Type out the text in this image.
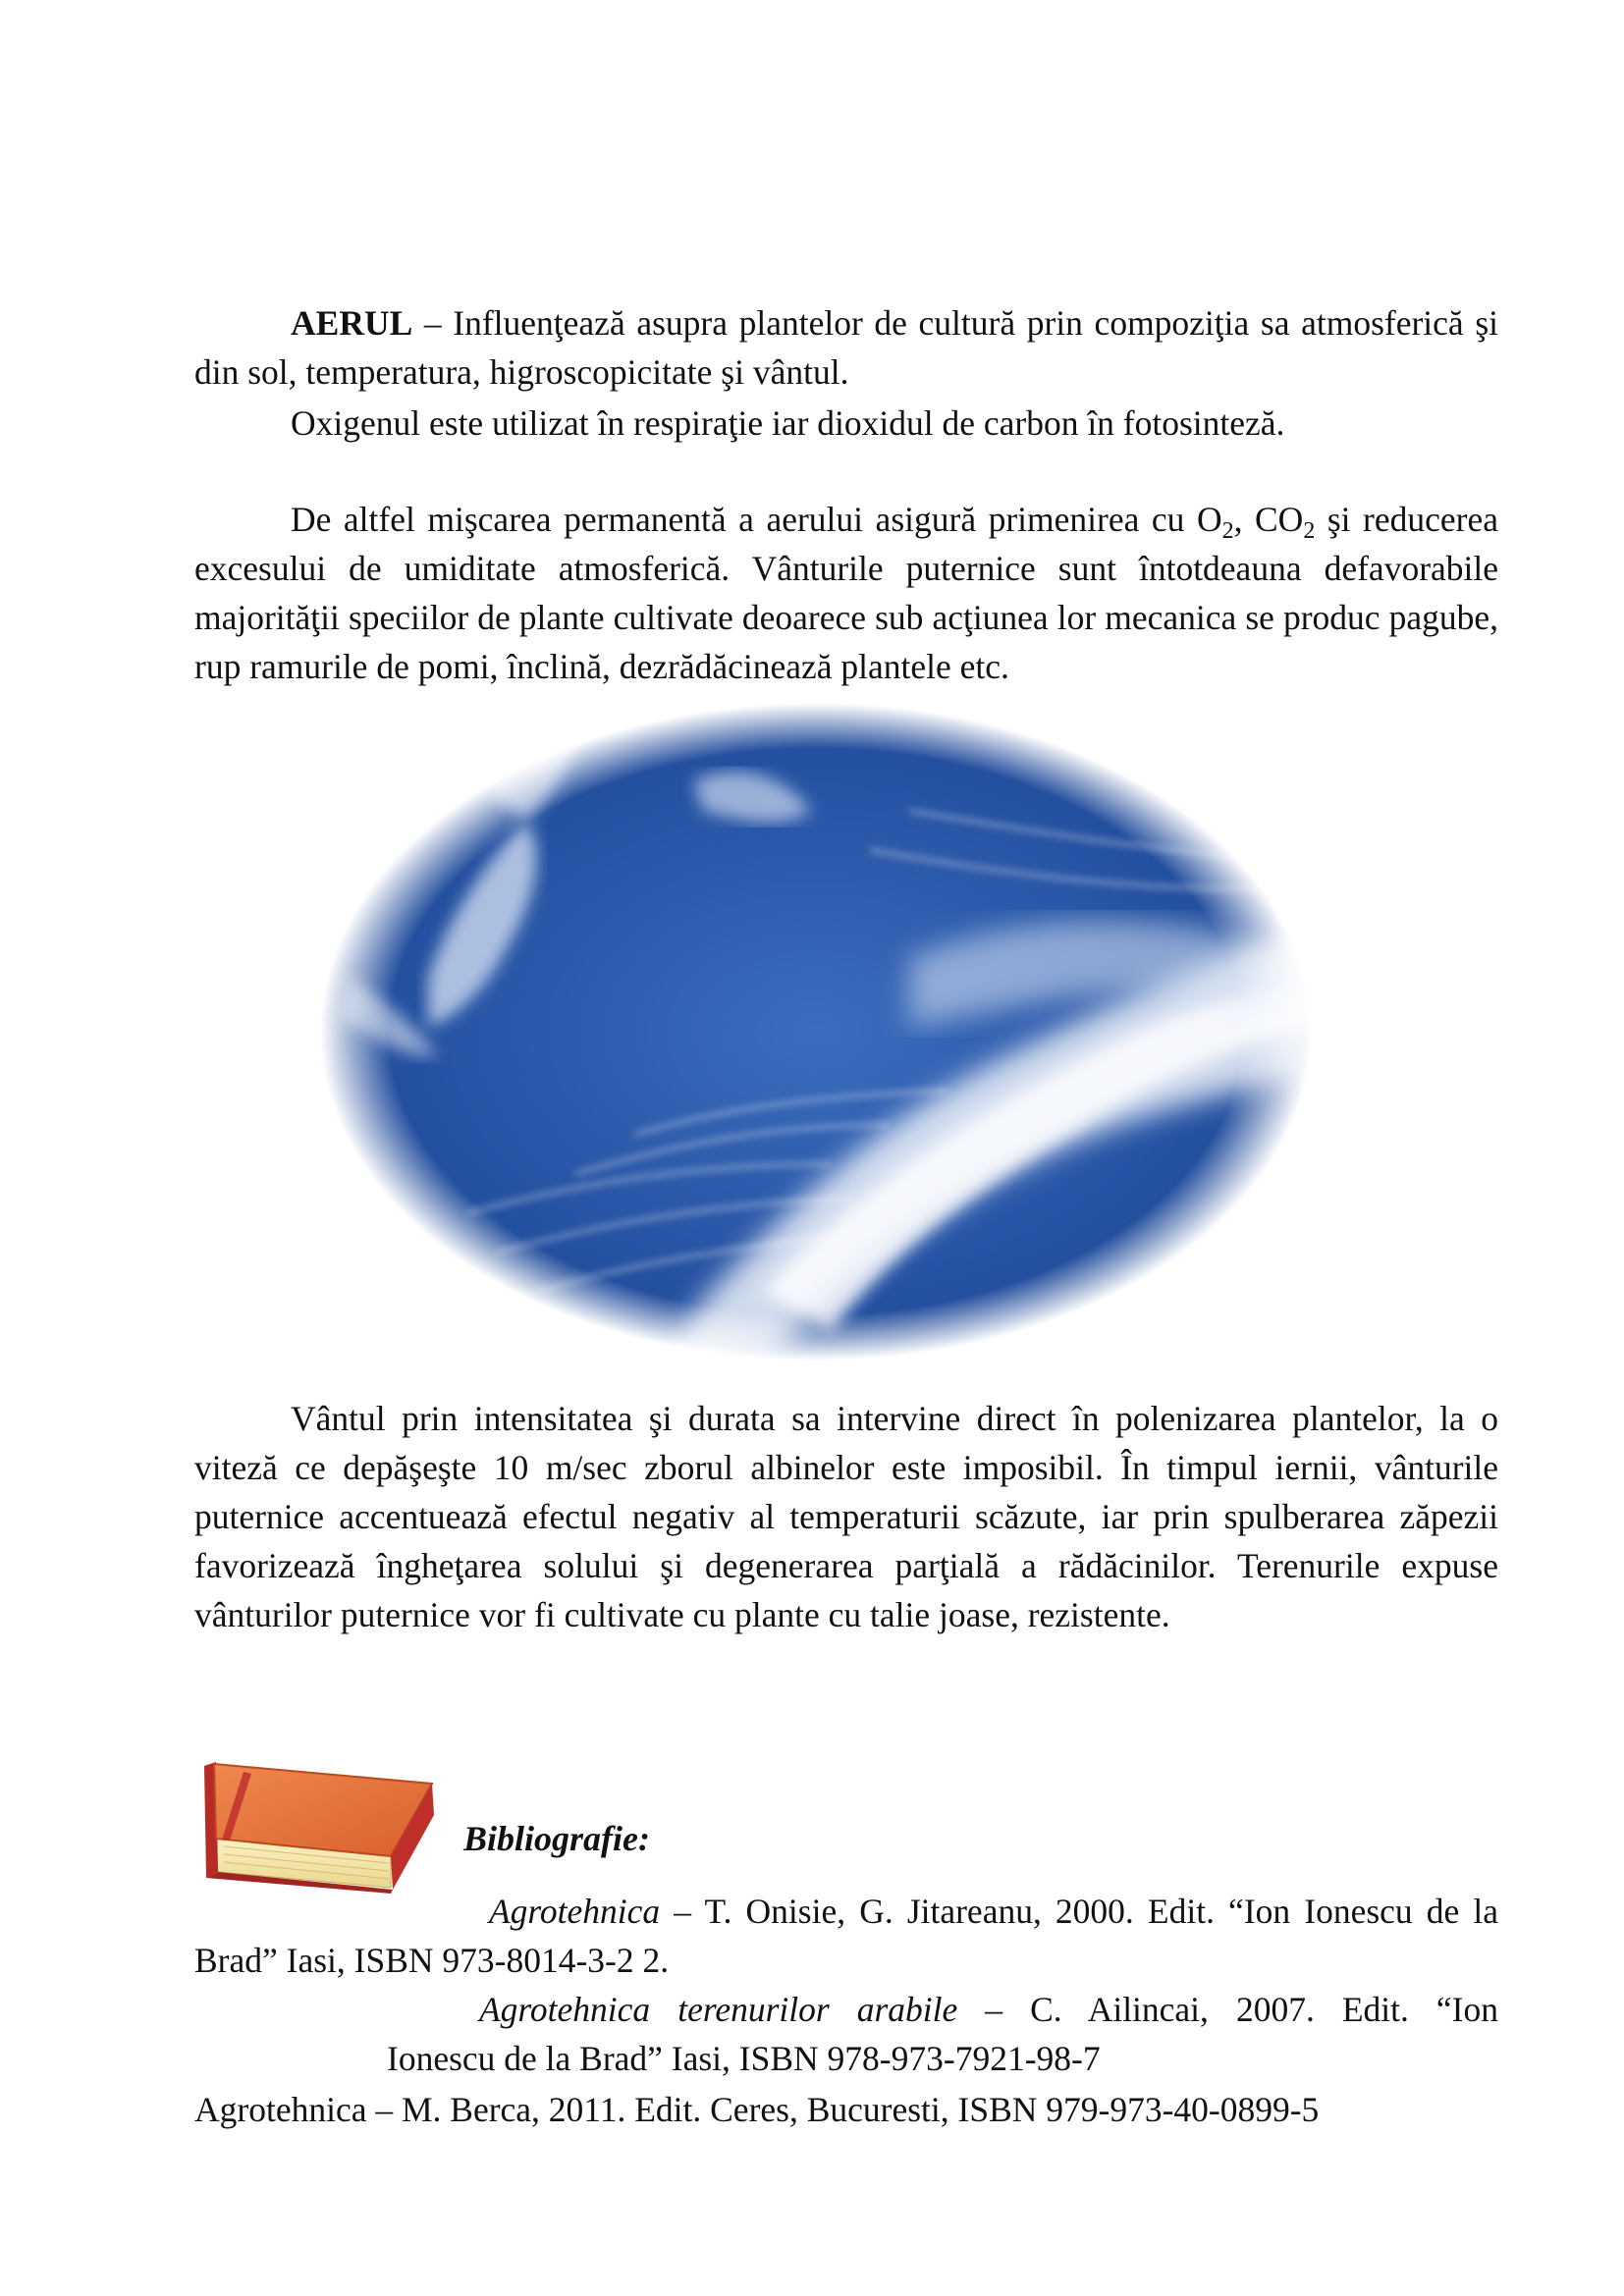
AERUL – Influenţează asupra plantelor de cultură prin compoziţia sa atmosferică şi din sol, temperatura, higroscopicitate şi vântul.

Oxigenul este utilizat în respiraţie iar dioxidul de carbon în fotosinteză.

De altfel mişcarea permanentă a aerului asigură primenirea cu $O_2$, $CO_2$ şi reducerea excesului de umiditate atmosferică. Vânturile puternice sunt întotdeauna defavorabile majorităţii speciilor de plante cultivate deoarece sub acţiunea lor mecanica se produc pagube, rup ramurile de pomi, înclină, dezrădăcinează plantele etc.

Vântul prin intensitatea şi durata sa intervine direct în polenizarea plantelor, la o viteză ce depăşeşte 10 m/sec zborul albinelor este imposibil. În timpul iernii, vânturile puternice accentuează efectul negativ al temperaturii scăzute, iar prin spulberarea zăpezii favorizează îngheţarea solului şi degenerarea parţială a rădăcinilor. Terenurile expuse vânturilor puternice vor fi cultivate cu plante cu talie joase, rezistente.

Bibliografie:

Agrotehnica – T. Onisie, G. Jitareanu, 2000. Edit. “Ion Ionescu de la Brad” Iasi, ISBN 973-8014-3-2 2.

Agrotehnica terenurilor arabile – C. Ailincai, 2007. Edit. “Ion

Ionescu de la Brad” Iasi, ISBN 978-973-7921-98-7

Agrotehnica – M. Berca, 2011. Edit. Ceres, Bucuresti, ISBN 979-973-40-0899-5
